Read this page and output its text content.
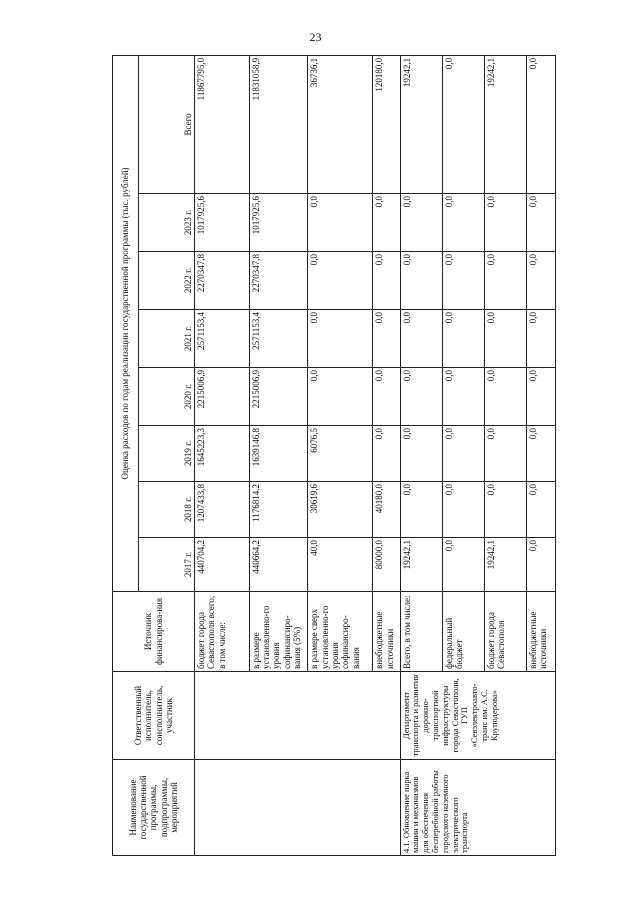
23
Наименование государственной программы, подпрограммы, мероприятий	Ответственный исполнитель, соисполнитель, участник	Источник финансирова-ния	Оценка расходов по годам реализации государственной программы (тыс. рублей)							
			2017 г.	2018 г.	2019 г.	2020 г.	2021 г.	2022 г.	2023 г.	Всего
		бюджет города Севастополя всего, в том числе:	440704,2	1207433,8	1645223,3	2215006,9	2571153,4	2270347,8	1017925,6	11867795,0
		в размере установленно-го уровня софинансиро-вания (5%)	440664,2	1176814,2	1639146,8	2215006,9	2571153,4	2270347,8	1017925,6	11831058,9
		в размере сверх установленно-го уровня софинансиро-вания	40,0	30619,6	6076,5	0,0	0,0	0,0	0,0	36736,1
		внебюджетные источники	80000,0	40180,0	0,0	0,0	0,0	0,0	0,0	120180,0
4.1. Обновление парка машин и механизмов для обеспечения бесперебойной работы городского наземного электрического транспорта	Департамент транспорта и развития дорожно-транспортной инфраструктуры города Севастополя, ГУП «Севэлектроавто-транс им. А.С. Круподерова»	Всего, в том числе:	19242,1	0,0	0,0	0,0	0,0	0,0	0,0	19242,1
		федеральный бюджет	0,0	0,0	0,0	0,0	0,0	0,0	0,0	0,0
		бюджет города Севастополя	19242,1	0,0	0,0	0,0	0,0	0,0	0,0	19242,1
		внебюджетные источники	0,0	0,0	0,0	0,0	0,0	0,0	0,0	0,0
